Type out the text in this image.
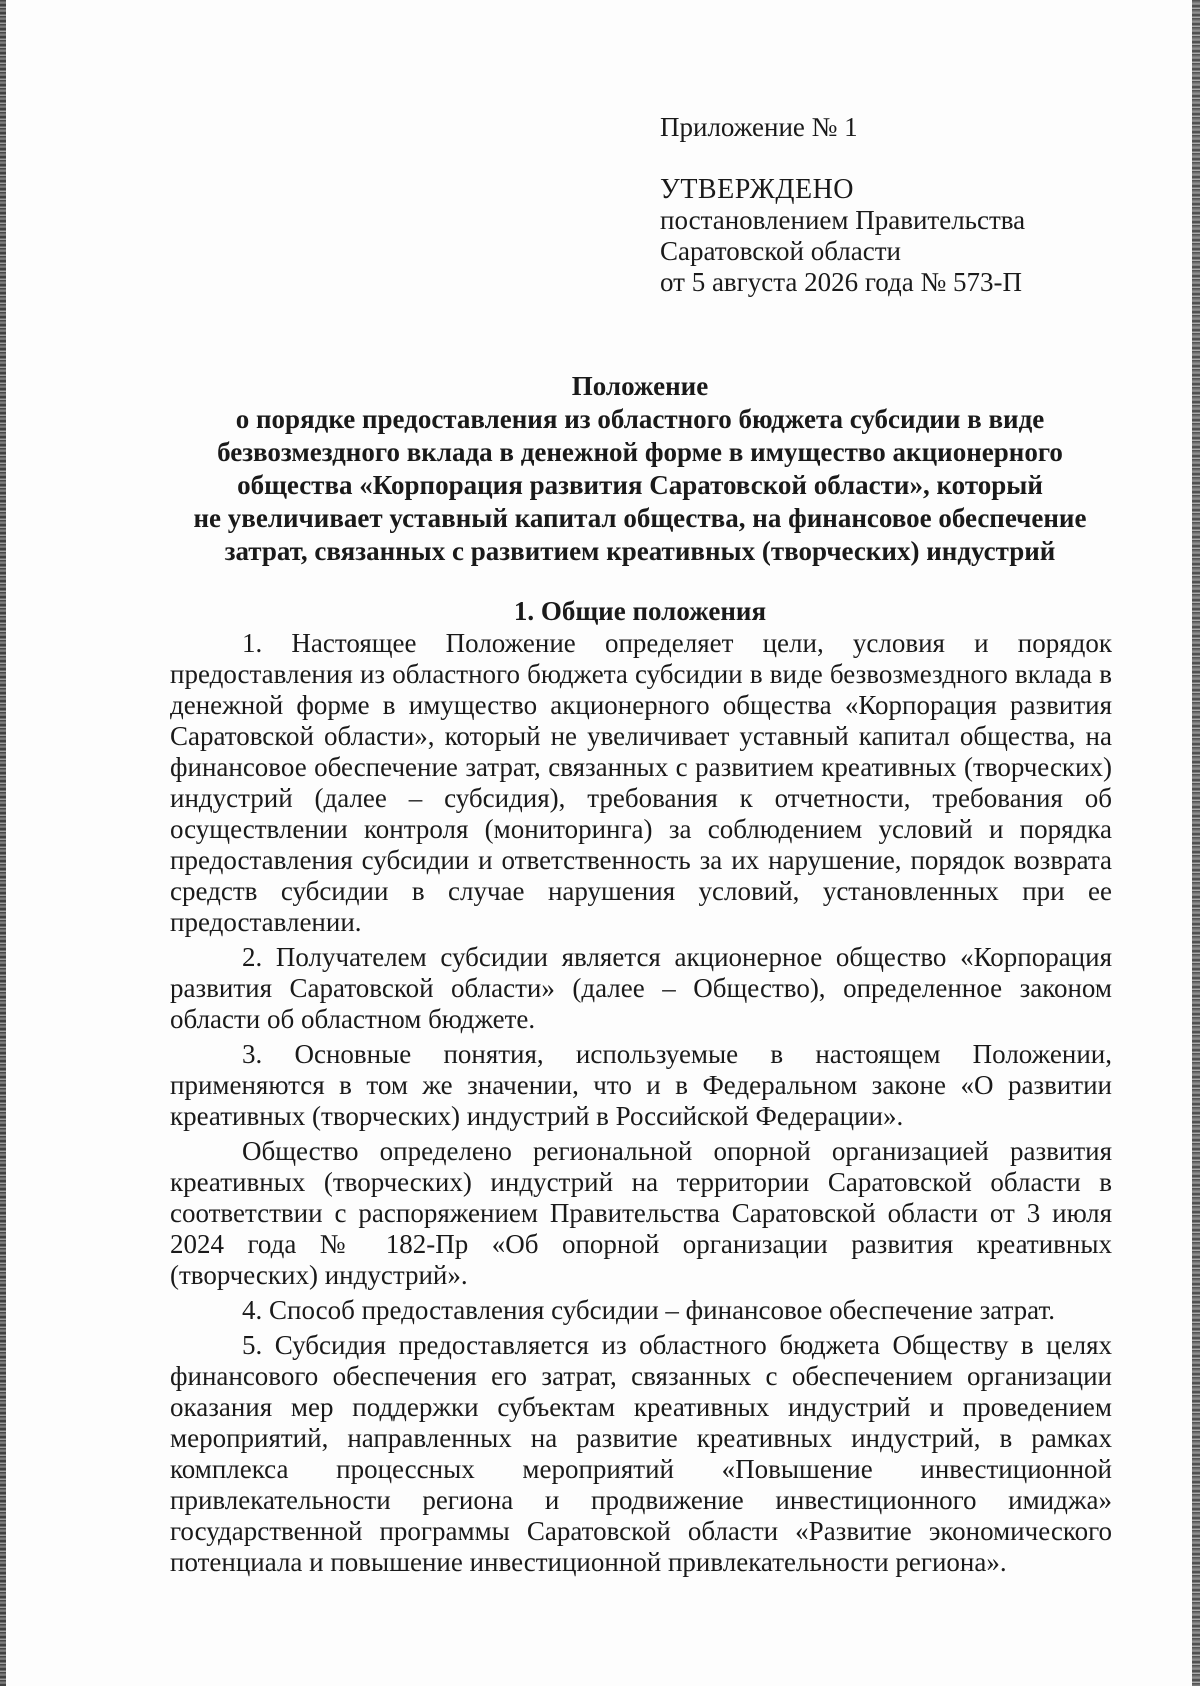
Приложение № 1
УТВЕРЖДЕНО
постановлением Правительства
Саратовской области
от 5 августа 2026 года № 573-П
Положение
о порядке предоставления из областного бюджета субсидии в виде
безвозмездного вклада в денежной форме в имущество акционерного
общества «Корпорация развития Саратовской области», который
не увеличивает уставный капитал общества, на финансовое обеспечение
затрат, связанных с развитием креативных (творческих) индустрий
1. Общие положения

1. Настоящее Положение определяет цели, условия и порядок предоставления из областного бюджета субсидии в виде безвозмездного вклада в денежной форме в имущество акционерного общества «Корпорация развития Саратовской области», который не увеличивает уставный капитал общества, на финансовое обеспечение затрат, связанных с развитием креативных (творческих) индустрий (далее – субсидия), требования к отчетности, требования об осуществлении контроля (мониторинга) за соблюдением условий и порядка предоставления субсидии и ответственность за их нарушение, порядок возврата средств субсидии в случае нарушения условий, установленных при ее предоставлении.

2. Получателем субсидии является акционерное общество «Корпорация развития Саратовской области» (далее – Общество), определенное законом области об областном бюджете.

3. Основные понятия, используемые в настоящем Положении, применяются в том же значении, что и в Федеральном законе «О развитии креативных (творческих) индустрий в Российской Федерации».

Общество определено региональной опорной организацией развития креативных (творческих) индустрий на территории Саратовской области в соответствии с распоряжением Правительства Саратовской области от 3 июля 2024 года № 182-Пр «Об опорной организации развития креативных (творческих) индустрий».

4. Способ предоставления субсидии – финансовое обеспечение затрат.

5. Субсидия предоставляется из областного бюджета Обществу в целях финансового обеспечения его затрат, связанных с обеспечением организации оказания мер поддержки субъектам креативных индустрий и проведением мероприятий, направленных на развитие креативных индустрий, в рамках комплекса процессных мероприятий «Повышение инвестиционной привлекательности региона и продвижение инвестиционного имиджа» государственной программы Саратовской области «Развитие экономического потенциала и повышение инвестиционной привлекательности региона».
